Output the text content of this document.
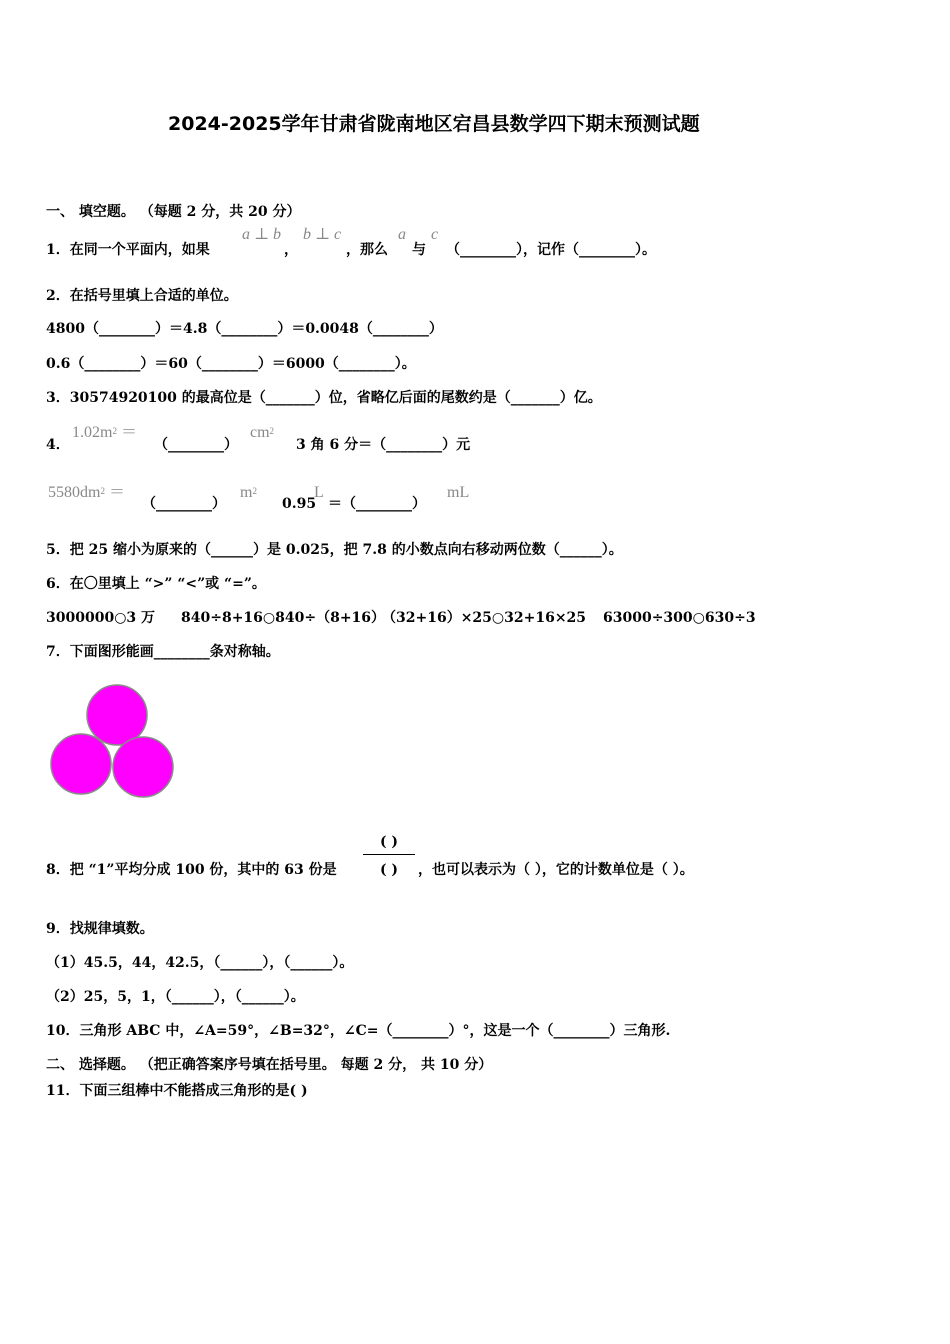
2024-2025学年甘肃省陇南地区宕昌县数学四下期末预测试题
一、 填空题。 （每题 2 分，共 20 分）
1．在同一个平面内，如果
a ⊥ b
，
b ⊥ c
，那么
a
与
c
（________），记作（________）。
2．在括号里填上合适的单位。
4800（________）＝4.8（________）＝0.0048（________）
0.6（________）＝60（________）＝6000（________）。
3．30574920100 的最高位是（_______）位，省略亿后面的尾数约是（_______）亿。
4．
$1.02m^2$ ＝
（________）
$cm^2$
3 角 6 分＝（________）元
$5580dm^2$ ＝
（________）
$m^2$
0.95
L
＝（________）
mL
5．把 25 缩小为原来的（______）是 0.025，把 7.8 的小数点向右移动两位数（______）。
6．在〇里填上 “>” “<”或 “=”。
3000000○3 万 840÷8+16○840÷（8+16）
（32+16）×25○32+16×25 63000÷300○630÷3
7．下面图形能画________条对称轴。
8．把 “1”平均分成 100 份，其中的 63 份是
( )
( )	，也可以表示为（ ），它的计数单位是（ ）。
9．找规律填数。
（1）45.5，44，42.5，（______），（______）。
（2）25，5，1，（______），（______）。
10．三角形 ABC 中，∠A=59°，∠B=32°，∠C=（________）°，这是一个（________）三角形.
二、 选择题。 （把正确答案序号填在括号里。 每题 2 分， 共 10 分）
11．下面三组棒中不能搭成三角形的是( )
